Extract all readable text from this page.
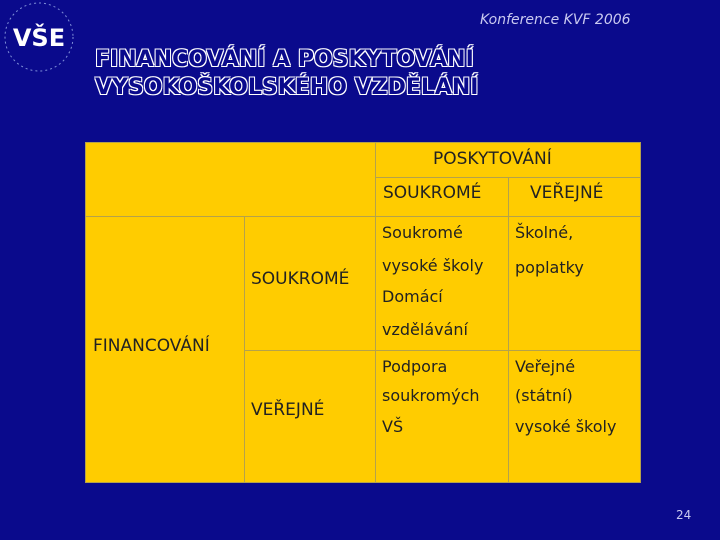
VŠE
Konference KVF 2006
FINANCOVÁNÍ A POSKYTOVÁNÍ
VYSOKOŠKOLSKÉHO VZDĚLÁNÍ
POSKYTOVÁNÍ
SOUKROMÉ	VEŘEJNÉ
FINANCOVÁNÍ
SOUKROMÉ
VEŘEJNÉ
Soukromé
vysoké školy
Domácí
vzdělávání
Školné,
poplatky
Podpora
soukromých
VŠ
Veřejné
(státní)
vysoké školy
24
